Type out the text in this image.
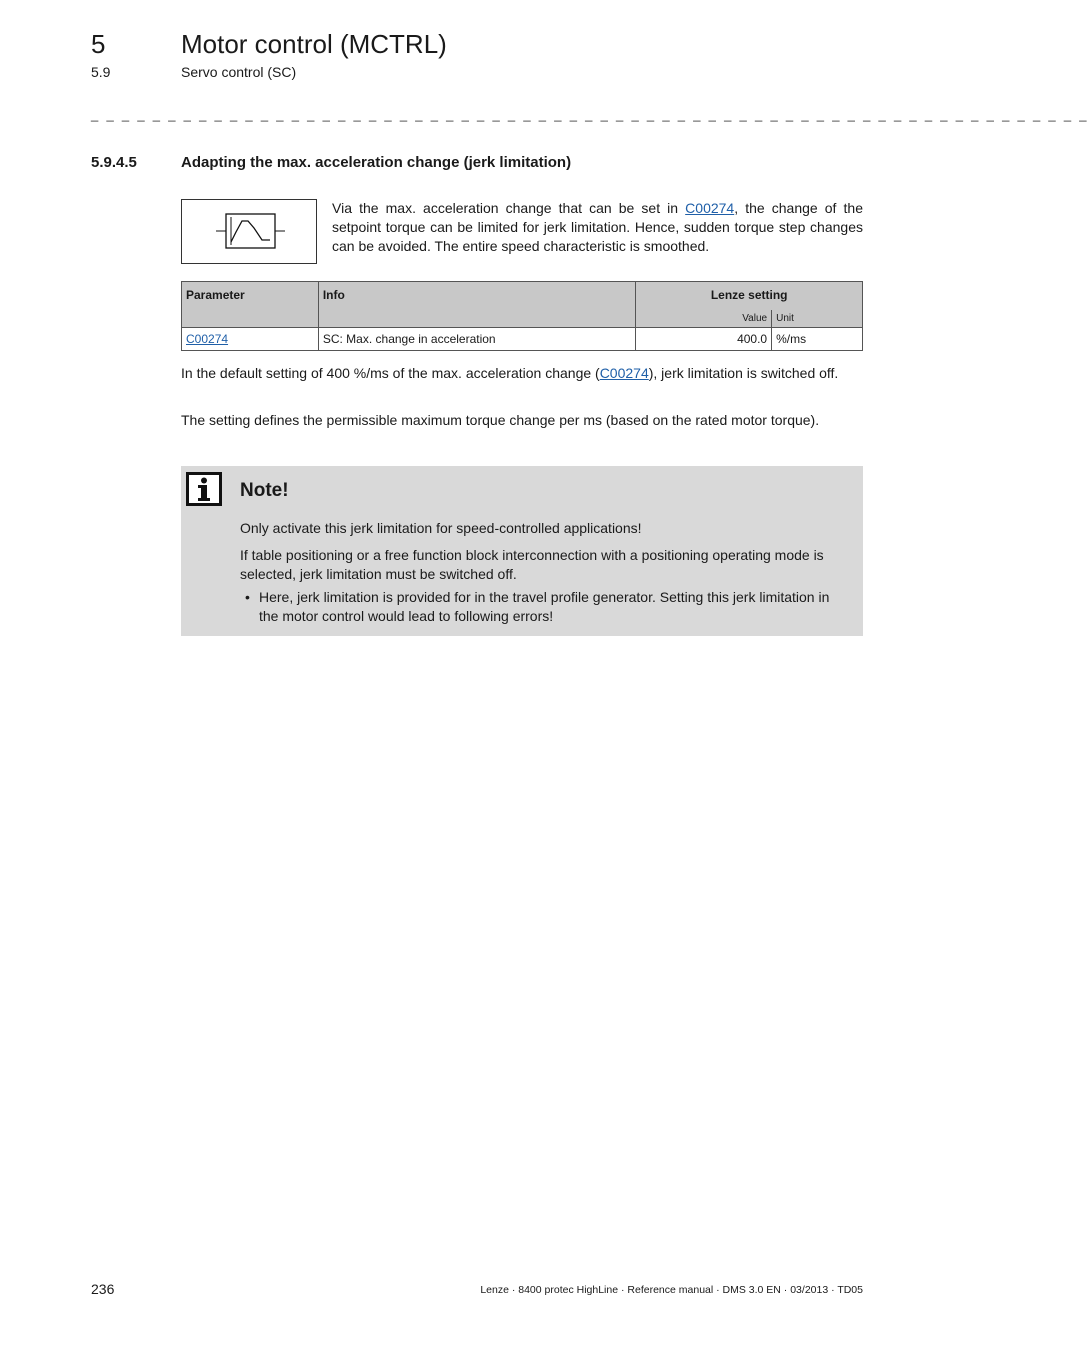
5	Motor control (MCTRL)
5.9	Servo control (SC)
_ _ _ _ _ _ _ _ _ _ _ _ _ _ _ _ _ _ _ _ _ _ _ _ _ _ _ _ _ _ _ _ _ _ _ _ _ _ _ _ _ _ _ _ _ _ _ _ _ _ _ _ _ _ _ _ _ _ _ _ _ _ _ _ _
5.9.4.5	Adapting the max. acceleration change (jerk limitation)
Via the max. acceleration change that can be set in C00274, the change of the setpoint torque can be limited for jerk limitation. Hence, sudden torque step changes can be avoided. The entire speed characteristic is smoothed.
Parameter	Info	Lenze setting	
		Value	Unit
C00274	SC: Max. change in acceleration	400.0	%/ms
In the default setting of 400 %/ms of the max. acceleration change (C00274), jerk limitation is switched off.
The setting defines the permissible maximum torque change per ms (based on the rated motor torque).
Note!
Only activate this jerk limitation for speed-controlled applications!
If table positioning or a free function block interconnection with a positioning operating mode is selected, jerk limitation must be switched off.
• Here, jerk limitation is provided for in the travel profile generator. Setting this jerk limitation in the motor control would lead to following errors!
236	Lenze · 8400 protec HighLine · Reference manual · DMS 3.0 EN · 03/2013 · TD05
